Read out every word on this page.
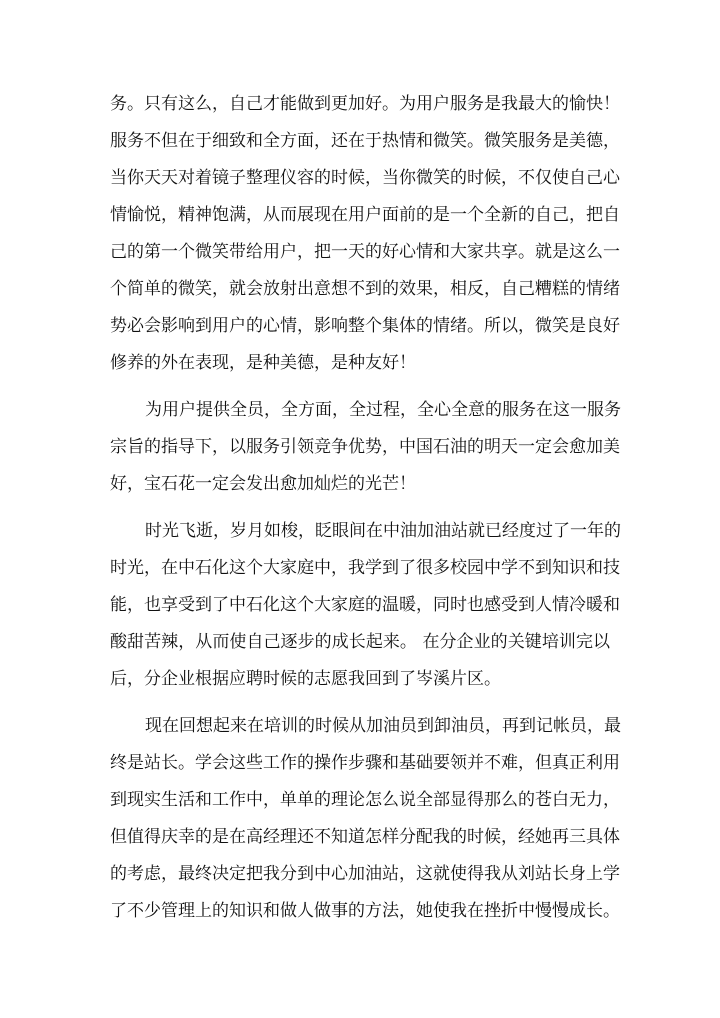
务。只有这么，自己才能做到更加好。为用户服务是我最大的愉快！
服务不但在于细致和全方面，还在于热情和微笑。微笑服务是美德，
当你天天对着镜子整理仪容的时候，当你微笑的时候，不仅使自己心
情愉悦，精神饱满，从而展现在用户面前的是一个全新的自己，把自
己的第一个微笑带给用户，把一天的好心情和大家共享。就是这么一
个简单的微笑，就会放射出意想不到的效果，相反，自己糟糕的情绪
势必会影响到用户的心情，影响整个集体的情绪。所以，微笑是良好
修养的外在表现，是种美德，是种友好！
为用户提供全员，全方面，全过程，全心全意的服务在这一服务
宗旨的指导下，以服务引领竞争优势，中国石油的明天一定会愈加美
好，宝石花一定会发出愈加灿烂的光芒！
时光飞逝，岁月如梭，眨眼间在中油加油站就已经度过了一年的
时光，在中石化这个大家庭中，我学到了很多校园中学不到知识和技
能，也享受到了中石化这个大家庭的温暖，同时也感受到人情冷暖和
酸甜苦辣，从而使自己逐步的成长起来。 在分企业的关键培训完以
后，分企业根据应聘时候的志愿我回到了岑溪片区。
现在回想起来在培训的时候从加油员到卸油员，再到记帐员，最
终是站长。学会这些工作的操作步骤和基础要领并不难，但真正利用
到现实生活和工作中，单单的理论怎么说全部显得那么的苍白无力，
但值得庆幸的是在高经理还不知道怎样分配我的时候，经她再三具体
的考虑，最终决定把我分到中心加油站，这就使得我从刘站长身上学
了不少管理上的知识和做人做事的方法，她使我在挫折中慢慢成长。
